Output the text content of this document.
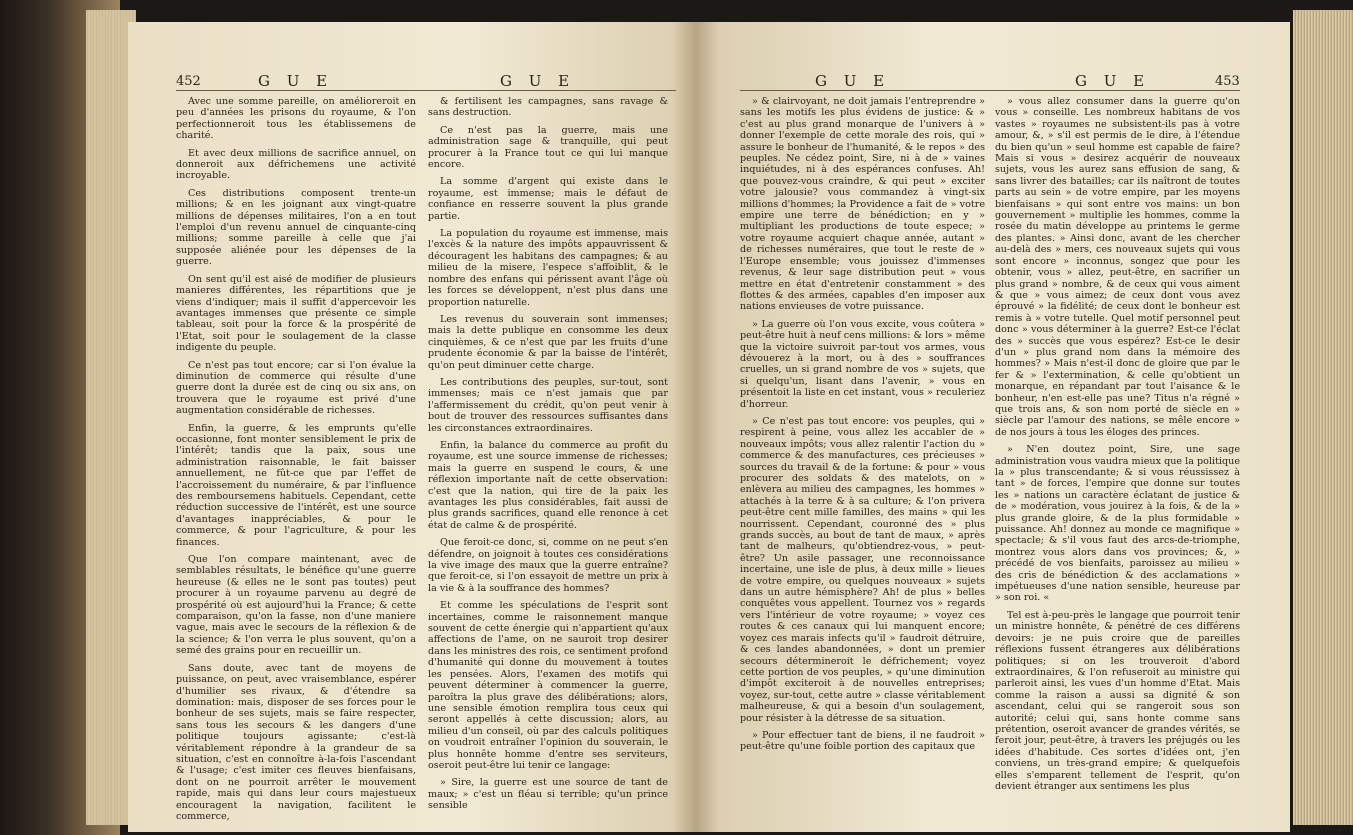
452	G U E	G U E

Avec une somme pareille, on amélioreroit en peu d'années les prisons du royaume, & l'on perfectionneroit tous les établissemens de charité.

Et avec deux millions de sacrifice annuel, on donneroit aux défrichemens une activité incroyable.

Ces distributions composent trente-un millions; & en les joignant aux vingt-quatre millions de dépenses militaires, l'on a en tout l'emploi d'un revenu annuel de cinquante-cinq millions; somme pareille à celle que j'ai supposée aliénée pour les dépenses de la guerre.

On sent qu'il est aisé de modifier de plusieurs manieres différentes, les répartitions que je viens d'indiquer; mais il suffit d'appercevoir les avantages immenses que présente ce simple tableau, soit pour la force & la prospérité de l'Etat, soit pour le soulagement de la classe indigente du peuple.

Ce n'est pas tout encore; car si l'on évalue la diminution de commerce qui résulte d'une guerre dont la durée est de cinq ou six ans, on trouvera que le royaume est privé d'une augmentation considérable de richesses.

Enfin, la guerre, & les emprunts qu'elle occasionne, font monter sensiblement le prix de l'intérêt; tandis que la paix, sous une administration raisonnable, le fait baisser annuellement, ne fût-ce que par l'effet de l'accroissement du numéraire, & par l'influence des remboursemens habituels. Cependant, cette réduction successive de l'intérêt, est une source d'avantages inappréciables, & pour le commerce, & pour l'agriculture, & pour les finances.

Que l'on compare maintenant, avec de semblables résultats, le bénéfice qu'une guerre heureuse (& elles ne le sont pas toutes) peut procurer à un royaume parvenu au degré de prospérité où est aujourd'hui la France; & cette comparaison, qu'on la fasse, non d'une maniere vague, mais avec le secours de la réflexion & de la science; & l'on verra le plus souvent, qu'on a semé des grains pour en recueillir un.

Sans doute, avec tant de moyens de puissance, on peut, avec vraisemblance, espérer d'humilier ses rivaux, & d'étendre sa domination: mais, disposer de ses forces pour le bonheur de ses sujets, mais se faire respecter, sans tous les secours & les dangers d'une politique toujours agissante; c'est-là véritablement répondre à la grandeur de sa situation, c'est en connoître à-la-fois l'ascendant & l'usage; c'est imiter ces fleuves bienfaisans, dont on ne pourroit arrêter le mouvement rapide, mais qui dans leur cours majestueux encouragent la navigation, facilitent le commerce,

& fertilisent les campagnes, sans ravage & sans destruction.

Ce n'est pas la guerre, mais une administration sage & tranquille, qui peut procurer à la France tout ce qui lui manque encore.

La somme d'argent qui existe dans le royaume, est immense; mais le défaut de confiance en resserre souvent la plus grande partie.

La population du royaume est immense, mais l'excès & la nature des impôts appauvrissent & découragent les habitans des campagnes; & au milieu de la misere, l'espece s'affoiblit, & le nombre des enfans qui périssent avant l'âge où les forces se développent, n'est plus dans une proportion naturelle.

Les revenus du souverain sont immenses; mais la dette publique en consomme les deux cinquièmes, & ce n'est que par les fruits d'une prudente économie & par la baisse de l'intérêt, qu'on peut diminuer cette charge.

Les contributions des peuples, sur-tout, sont immenses; mais ce n'est jamais que par l'affermissement du crédit, qu'on peut venir à bout de trouver des ressources suffisantes dans les circonstances extraordinaires.

Enfin, la balance du commerce au profit du royaume, est une source immense de richesses; mais la guerre en suspend le cours, & une réflexion importante naît de cette observation: c'est que la nation, qui tire de la paix les avantages les plus considérables, fait aussi de plus grands sacrifices, quand elle renonce à cet état de calme & de prospérité.

Que feroit-ce donc, si, comme on ne peut s'en défendre, on joignoit à toutes ces considérations la vive image des maux que la guerre entraîne? que feroit-ce, si l'on essayoit de mettre un prix à la vie & à la souffrance des hommes?

Et comme les spéculations de l'esprit sont incertaines, comme le raisonnement manque souvent de cette énergie qui n'appartient qu'aux affections de l'ame, on ne sauroit trop desirer dans les ministres des rois, ce sentiment profond d'humanité qui donne du mouvement à toutes les pensées. Alors, l'examen des motifs qui peuvent déterminer à commencer la guerre, paroîtra la plus grave des délibérations; alors, une sensible émotion remplira tous ceux qui seront appellés à cette discussion; alors, au milieu d'un conseil, où par des calculs politiques on voudroit entraîner l'opinion du souverain, le plus honnête homme d'entre ses serviteurs, oseroit peut-être lui tenir ce langage:

» Sire, la guerre est une source de tant de maux; » c'est un fléau si terrible; qu'un prince sensible

G U E	G U E	453

» & clairvoyant, ne doit jamais l'entreprendre » sans les motifs les plus évidens de justice: & » c'est au plus grand monarque de l'univers à » donner l'exemple de cette morale des rois, qui » assure le bonheur de l'humanité, & le repos » des peuples. Ne cédez point, Sire, ni à de » vaines inquiétudes, ni à des espérances confuses. Ah! que pouvez-vous craindre, & qui peut » exciter votre jalousie? vous commandez à vingt-six millions d'hommes; la Providence a fait de » votre empire une terre de bénédiction; en y » multipliant les productions de toute espece; » votre royaume acquiert chaque année, autant » de richesses numéraires, que tout le reste de » l'Europe ensemble; vous jouissez d'immenses revenus, & leur sage distribution peut » vous mettre en état d'entretenir constamment » des flottes & des armées, capables d'en imposer aux nations envieuses de votre puissance.

» La guerre où l'on vous excite, vous coûtera » peut-être huit à neuf cens millions: & lors » même que la victoire suivroit par-tout vos armes, vous dévouerez à la mort, ou à des » souffrances cruelles, un si grand nombre de vos » sujets, que si quelqu'un, lisant dans l'avenir, » vous en présentoit la liste en cet instant, vous » reculeriez d'horreur.

» Ce n'est pas tout encore: vos peuples, qui » respirent à peine, vous allez les accabler de » nouveaux impôts; vous allez ralentir l'action du » commerce & des manufactures, ces précieuses » sources du travail & de la fortune: & pour » vous procurer des soldats & des matelots, on » enlèvera au milieu des campagnes, les hommes » attachés à la terre & à sa culture; & l'on privera peut-être cent mille familles, des mains » qui les nourrissent. Cependant, couronné des » plus grands succès, au bout de tant de maux, » après tant de malheurs, qu'obtiendrez-vous, » peut-être? Un asile passager, une reconnoissance incertaine, une isle de plus, à deux mille » lieues de votre empire, ou quelques nouveaux » sujets dans un autre hémisphère? Ah! de plus » belles conquêtes vous appellent. Tournez vos » regards vers l'intérieur de votre royaume; » voyez ces routes & ces canaux qui lui manquent encore; voyez ces marais infects qu'il » faudroit détruire, & ces landes abandonnées, » dont un premier secours détermineroit le défrichement; voyez cette portion de vos peuples, » qu'une diminution d'impôt exciteroit à de nouvelles entreprises; voyez, sur-tout, cette autre » classe véritablement malheureuse, & qui a besoin d'un soulagement, pour résister à la détresse de sa situation.

» Pour effectuer tant de biens, il ne faudroit » peut-être qu'une foible portion des capitaux que

» vous allez consumer dans la guerre qu'on vous » conseille. Les nombreux habitans de vos vastes » royaumes ne subsistent-ils pas à votre amour, &, » s'il est permis de le dire, à l'étendue du bien qu'un » seul homme est capable de faire? Mais si vous » desirez acquérir de nouveaux sujets, vous les aurez sans effusion de sang, & sans livrer des batailles; car ils naîtront de toutes parts au sein » de votre empire, par les moyens bienfaisans » qui sont entre vos mains: un bon gouvernement » multiplie les hommes, comme la rosée du matin développe au printems le germe des plantes. » Ainsi donc, avant de les chercher au-delà des » mers, ces nouveaux sujets qui vous sont encore » inconnus, songez que pour les obtenir, vous » allez, peut-être, en sacrifier un plus grand » nombre, & de ceux qui vous aiment & que » vous aimez; de ceux dont vous avez éprouvé » la fidélité; de ceux dont le bonheur est remis à » votre tutelle. Quel motif personnel peut donc » vous déterminer à la guerre? Est-ce l'éclat des » succès que vous espérez? Est-ce le desir d'un » plus grand nom dans la mémoire des hommes? » Mais n'est-il donc de gloire que par le fer & » l'extermination, & celle qu'obtient un monarque, en répandant par tout l'aisance & le bonheur, n'en est-elle pas une? Titus n'a régné » que trois ans, & son nom porté de siècle en » siècle par l'amour des nations, se mêle encore » de nos jours à tous les éloges des princes.

» N'en doutez point, Sire, une sage administration vous vaudra mieux que la politique la » plus transcendante; & si vous réussissez à tant » de forces, l'empire que donne sur toutes les » nations un caractère éclatant de justice & de » modération, vous jouirez à la fois, & de la » plus grande gloire, & de la plus formidable » puissance. Ah! donnez au monde ce magnifique » spectacle; & s'il vous faut des arcs-de-triomphe, montrez vous alors dans vos provinces; &, » précédé de vos bienfaits, paroissez au milieu » des cris de bénédiction & des acclamations » impétueuses d'une nation sensible, heureuse par » son roi. «

Tel est à-peu-près le langage que pourroit tenir un ministre honnête, & pénétré de ces différens devoirs: je ne puis croire que de pareilles réflexions fussent étrangeres aux délibérations politiques; si on les trouveroit d'abord extraordinaires, & l'on refuseroit au ministre qui parleroit ainsi, les vues d'un homme d'Etat. Mais comme la raison a aussi sa dignité & son ascendant, celui qui se rangeroit sous son autorité; celui qui, sans honte comme sans prétention, oseroit avancer de grandes vérités, se feroit jour, peut-être, à travers les préjugés ou les idées d'habitude. Ces sortes d'idées ont, j'en conviens, un très-grand empire; & quelquefois elles s'emparent tellement de l'esprit, qu'on devient étranger aux sentimens les plus
